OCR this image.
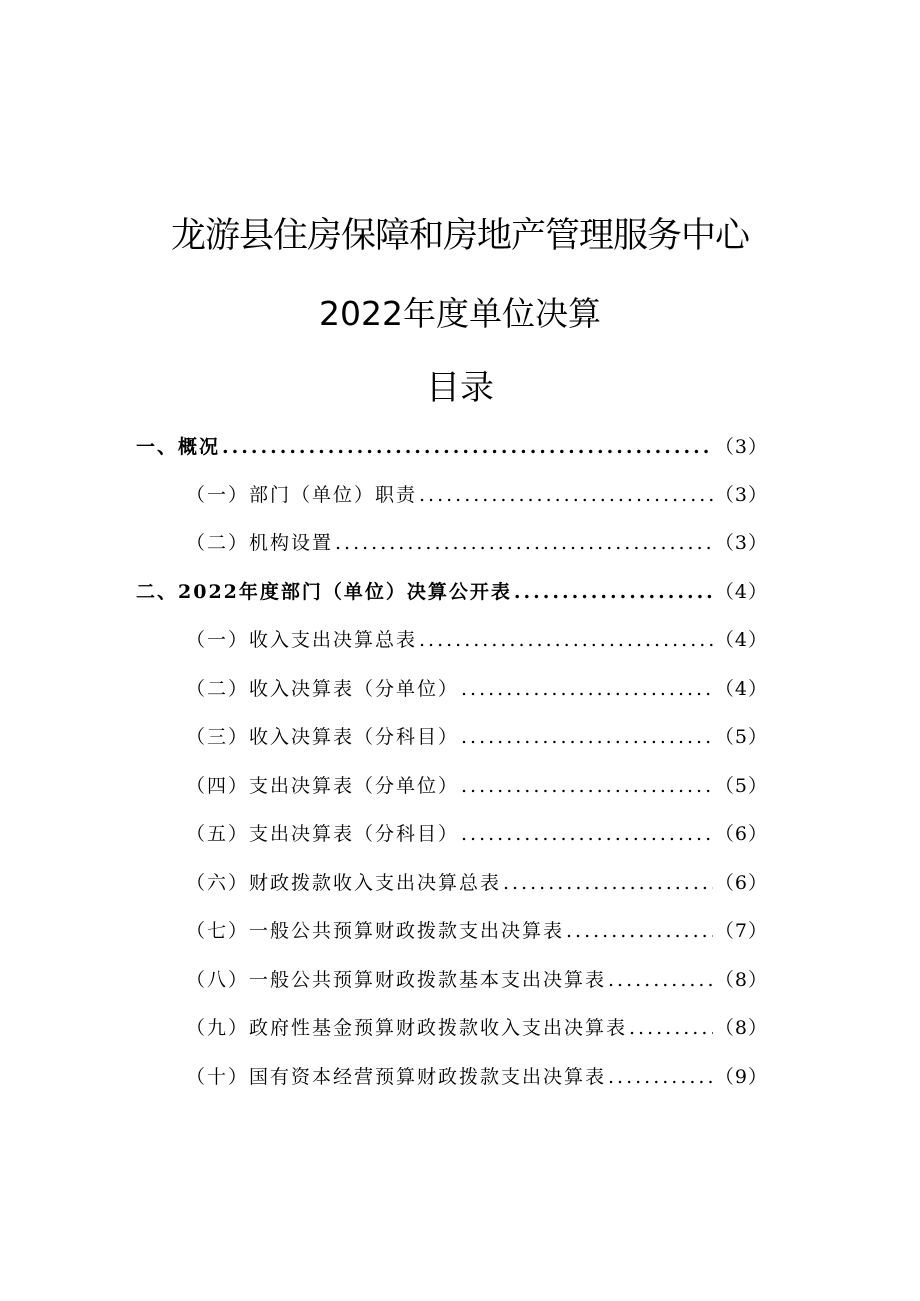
龙游县住房保障和房地产管理服务中心
2022年度单位决算
目录
一、概况 .....	（3）
（一）部门（单位）职责 .....	（3）
（二）机构设置 .....	（3）
二、2022年度部门（单位）决算公开表 .....	（4）
（一）收入支出决算总表 .....	（4）
（二）收入决算表（分单位） .....	（4）
（三）收入决算表（分科目） .....	（5）
（四）支出决算表（分单位） .....	（5）
（五）支出决算表（分科目） .....	（6）
（六）财政拨款收入支出决算总表 .....	（6）
（七）一般公共预算财政拨款支出决算表 .....	（7）
（八）一般公共预算财政拨款基本支出决算表 .....	（8）
（九）政府性基金预算财政拨款收入支出决算表 .....	（8）
（十）国有资本经营预算财政拨款支出决算表 .....	（9）
